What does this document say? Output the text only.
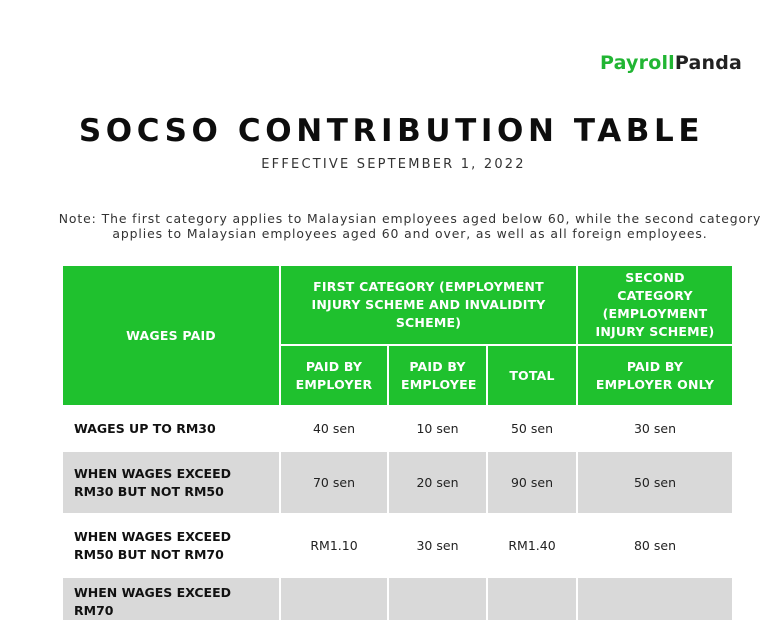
PayrollPanda
SOCSO CONTRIBUTION TABLE
EFFECTIVE SEPTEMBER 1, 2022
Note: The first category applies to Malaysian employees aged below 60, while the second category applies to Malaysian employees aged 60 and over, as well as all foreign employees.
WAGES PAID	FIRST CATEGORY (EMPLOYMENT INJURY SCHEME AND INVALIDITY SCHEME)			SECOND CATEGORY (EMPLOYMENT INJURY SCHEME)
	PAID BY EMPLOYER	PAID BY EMPLOYEE	TOTAL	PAID BY EMPLOYER ONLY
WAGES UP TO RM30	40 sen	10 sen	50 sen	30 sen
WHEN WAGES EXCEED RM30 BUT NOT RM50	70 sen	20 sen	90 sen	50 sen
WHEN WAGES EXCEED RM50 BUT NOT RM70	RM1.10	30 sen	RM1.40	80 sen
WHEN WAGES EXCEED RM70				
